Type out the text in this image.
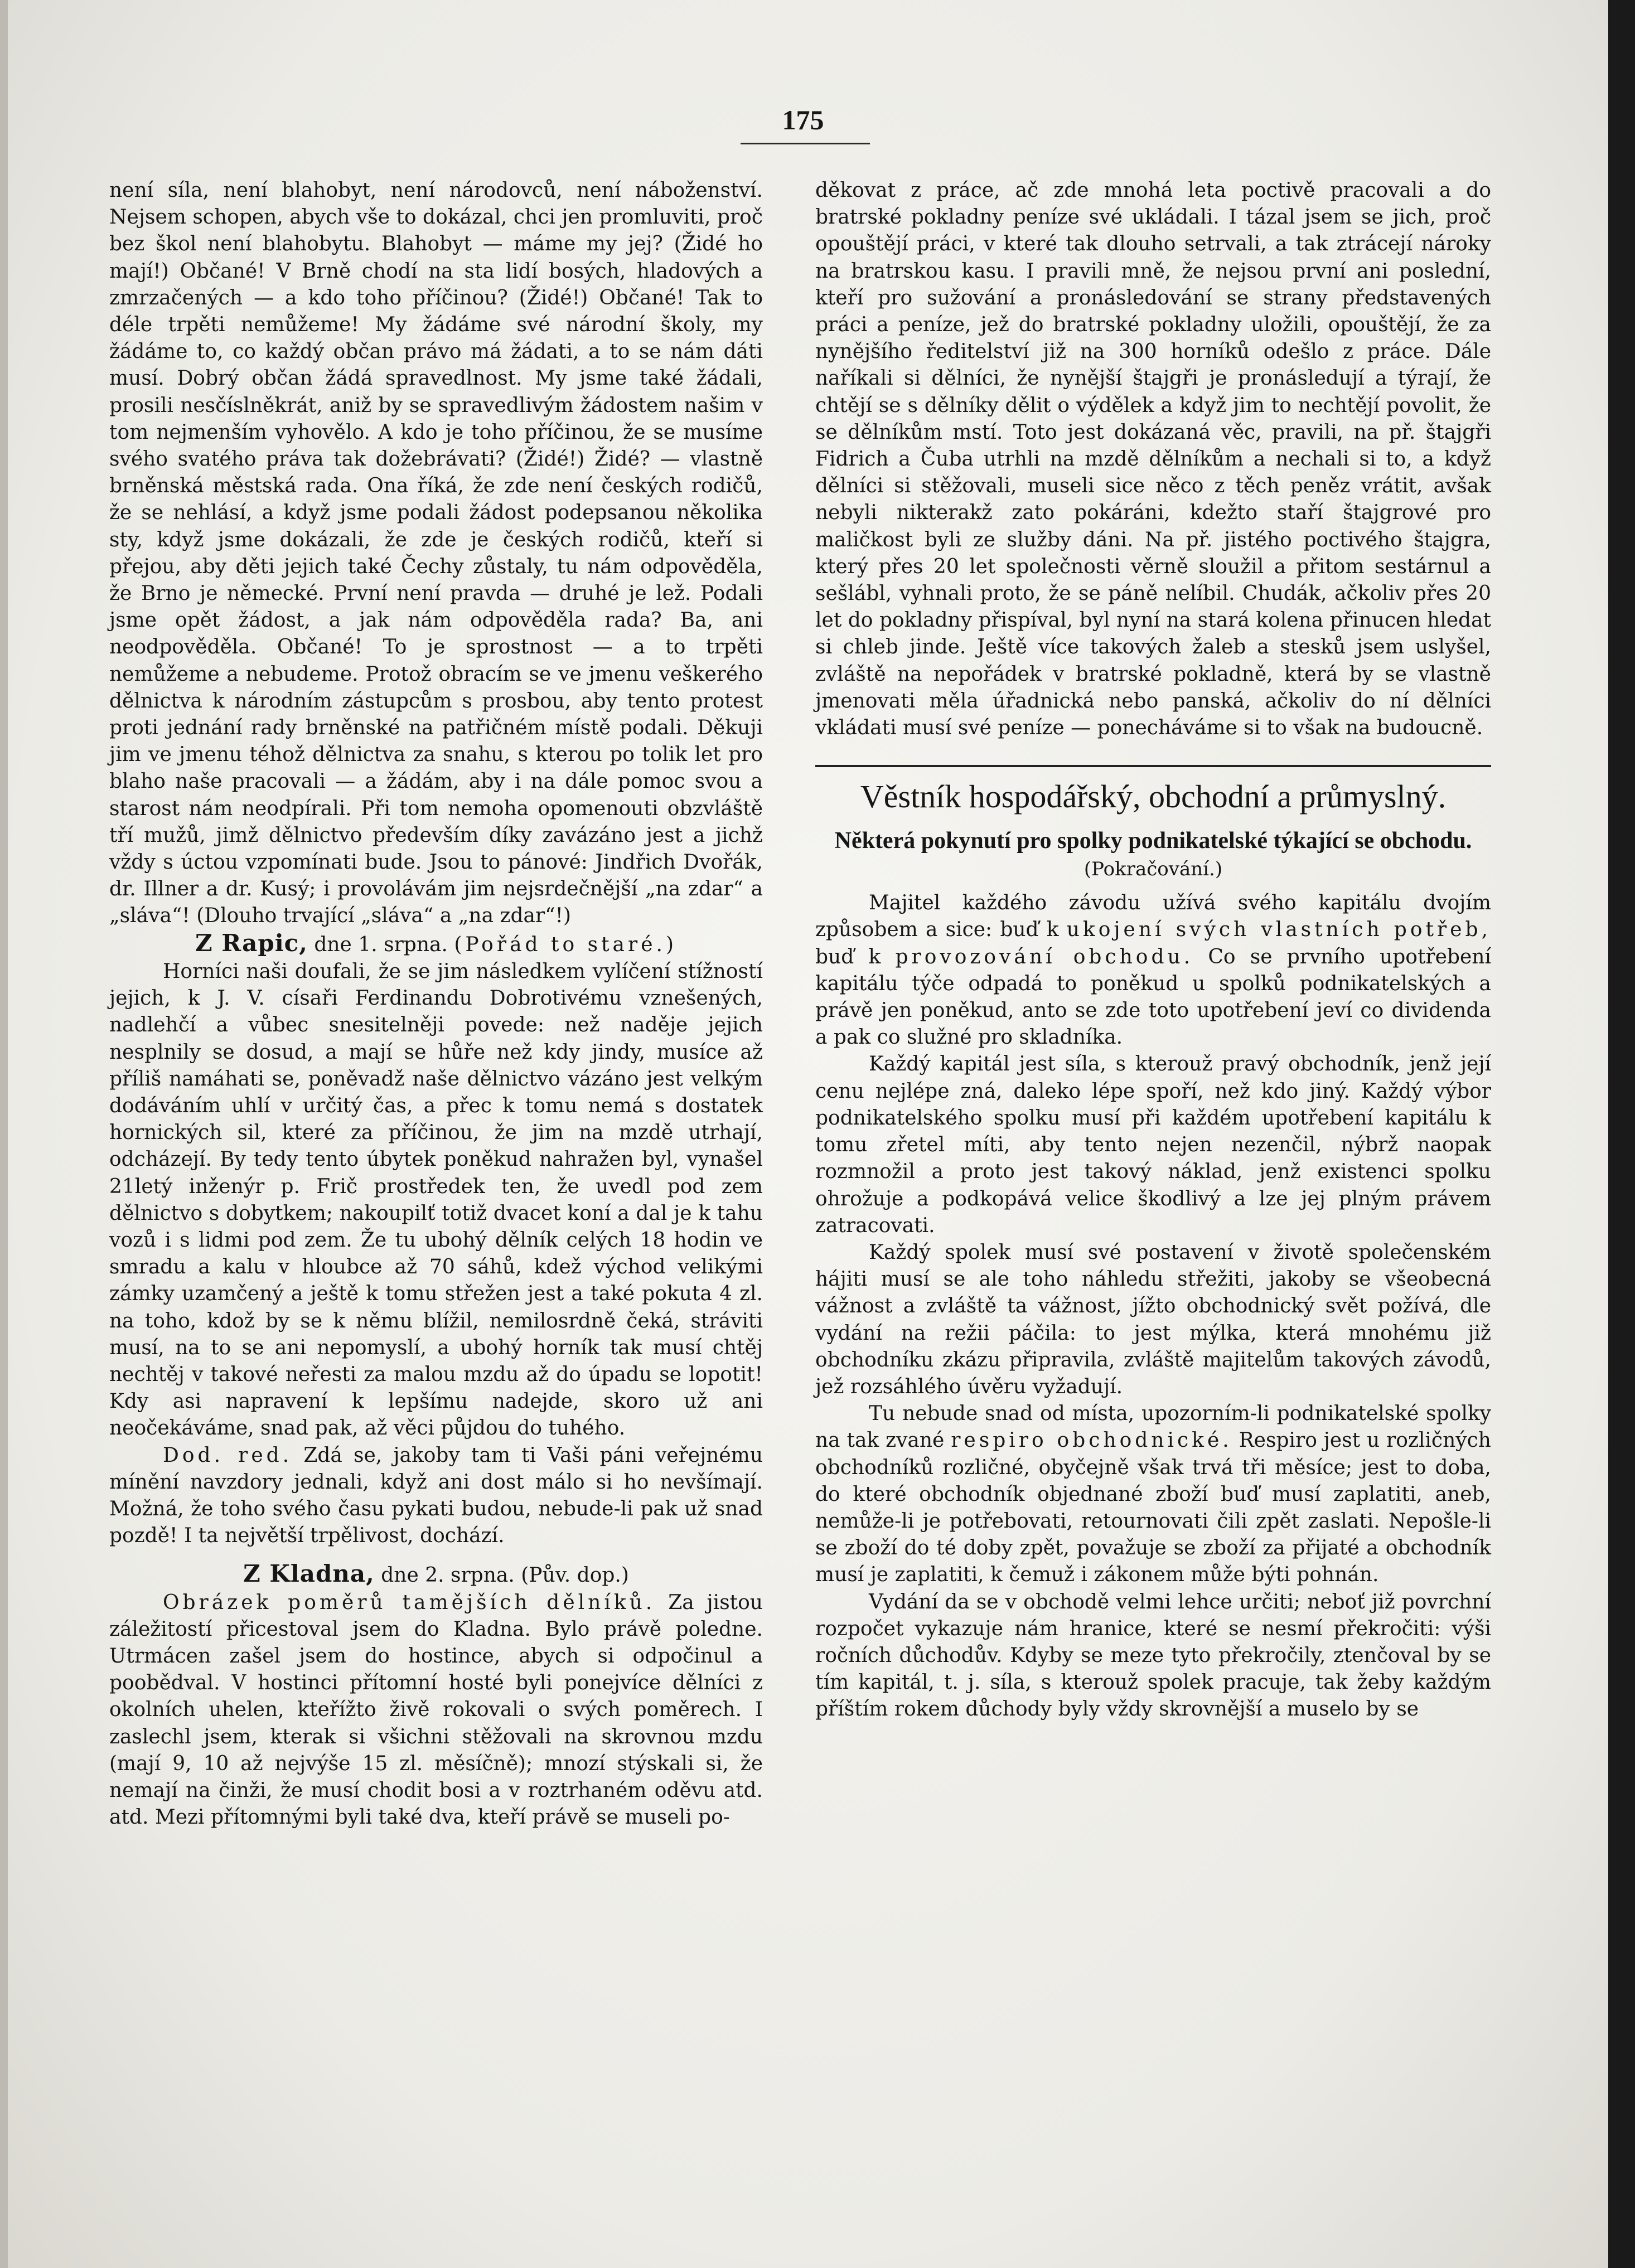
175

není síla, není blahobyt, není národovců, není náboženství. Nejsem schopen, abych vše to dokázal, chci jen promluviti, proč bez škol není blahobytu. Blahobyt — máme my jej? (Židé ho mají!) Občané! V Brně chodí na sta lidí bosých, hladových a zmrzačených — a kdo toho příčinou? (Židé!) Občané! Tak to déle trpěti nemůžeme! My žádáme své národní školy, my žádáme to, co každý občan právo má žádati, a to se nám dáti musí. Dobrý občan žádá spravedlnost. My jsme také žádali, prosili nesčíslněkrát, aniž by se spravedlivým žádostem našim v tom nejmenším vyhovělo. A kdo je toho příčinou, že se musíme svého svatého práva tak dožebrávati? (Židé!) Židé? — vlastně brněnská městská rada. Ona říká, že zde není českých rodičů, že se nehlásí, a když jsme podali žádost podepsanou několika sty, když jsme dokázali, že zde je českých rodičů, kteří si přejou, aby děti jejich také Čechy zůstaly, tu nám odpověděla, že Brno je německé. První není pravda — druhé je lež. Podali jsme opět žádost, a jak nám odpověděla rada? Ba, ani neodpověděla. Občané! To je sprostnost — a to trpěti nemůžeme a nebudeme. Protož obracím se ve jmenu veškerého dělnictva k národním zástupcům s prosbou, aby tento protest proti jednání rady brněnské na patřičném místě podali. Děkuji jim ve jmenu téhož dělnictva za snahu, s kterou po tolik let pro blaho naše pracovali — a žádám, aby i na dále pomoc svou a starost nám neodpírali. Při tom nemoha opomenouti obzvláště tří mužů, jimž dělnictvo především díky zavázáno jest a jichž vždy s úctou vzpomínati bude. Jsou to pánové: Jindřich Dvořák, dr. Illner a dr. Kusý; i provolávám jim nejsrdečnější „na zdar“ a „sláva“! (Dlouho trvající „sláva“ a „na zdar“!)

Z Rapic, dne 1. srpna. (Pořád to staré.)

Horníci naši doufali, že se jim následkem vylíčení stížností jejich, k J. V. císaři Ferdinandu Dobrotivému vznešených, nadlehčí a vůbec snesitelněji povede: než naděje jejich nesplnily se dosud, a mají se hůře než kdy jindy, musíce až příliš namáhati se, poněvadž naše dělnictvo vázáno jest velkým dodáváním uhlí v určitý čas, a přec k tomu nemá s dostatek hornických sil, které za příčinou, že jim na mzdě utrhají, odcházejí. By tedy tento úbytek poněkud nahražen byl, vynašel 21letý inženýr p. Frič prostředek ten, že uvedl pod zem dělnictvo s dobytkem; nakoupilť totiž dvacet koní a dal je k tahu vozů i s lidmi pod zem. Že tu ubohý dělník celých 18 hodin ve smradu a kalu v hloubce až 70 sáhů, kdež východ velikými zámky uzamčený a ještě k tomu střežen jest a také pokuta 4 zl. na toho, kdož by se k němu blížil, nemilosrdně čeká, stráviti musí, na to se ani nepomyslí, a ubohý horník tak musí chtěj nechtěj v takové neřesti za malou mzdu až do úpadu se lopotit! Kdy asi napravení k lepšímu nadejde, skoro už ani neočekáváme, snad pak, až věci půjdou do tuhého.

Dod. red. Zdá se, jakoby tam ti Vaši páni veřejnému mínění navzdory jednali, když ani dost málo si ho nevšímají. Možná, že toho svého času pykati budou, nebude-li pak už snad pozdě! I ta největší trpělivost, dochází.

Z Kladna, dne 2. srpna. (Pův. dop.)

Obrázek poměrů tamějších dělníků. Za jistou záležitostí přicestoval jsem do Kladna. Bylo právě poledne. Utrmácen zašel jsem do hostince, abych si odpočinul a poobědval. V hostinci přítomní hosté byli ponejvíce dělníci z okolních uhelen, kteřížto živě rokovali o svých poměrech. I zaslechl jsem, kterak si všichni stěžovali na skrovnou mzdu (mají 9, 10 až nejvýše 15 zl. měsíčně); mnozí stýskali si, že nemají na činži, že musí chodit bosi a v roztrhaném oděvu atd. atd. Mezi přítomnými byli také dva, kteří právě se museli po-

děkovat z práce, ač zde mnohá leta poctivě pracovali a do bratrské pokladny peníze své ukládali. I tázal jsem se jich, proč opouštějí práci, v které tak dlouho setrvali, a tak ztrácejí nároky na bratrskou kasu. I pravili mně, že nejsou první ani poslední, kteří pro sužování a pronásledování se strany představených práci a peníze, jež do bratrské pokladny uložili, opouštějí, že za nynějšího ředitelství již na 300 horníků odešlo z práce. Dále naříkali si dělníci, že nynější štajgři je pronásledují a týrají, že chtějí se s dělníky dělit o výdělek a když jim to nechtějí povolit, že se dělníkům mstí. Toto jest dokázaná věc, pravili, na př. štajgři Fidrich a Čuba utrhli na mzdě dělníkům a nechali si to, a když dělníci si stěžovali, museli sice něco z těch peněz vrátit, avšak nebyli nikterakž zato pokáráni, kdežto staří štajgrové pro maličkost byli ze služby dáni. Na př. jistého poctivého štajgra, který přes 20 let společnosti věrně sloužil a přitom sestárnul a sešlábl, vyhnali proto, že se páně nelíbil. Chudák, ačkoliv přes 20 let do pokladny přispíval, byl nyní na stará kolena přinucen hledat si chleb jinde. Ještě více takových žaleb a stesků jsem uslyšel, zvláště na nepořádek v bratrské pokladně, která by se vlastně jmenovati měla úřadnická nebo panská, ačkoliv do ní dělníci vkládati musí své peníze — ponecháváme si to však na budoucně.

Věstník hospodářský, obchodní a průmyslný.
Některá pokynutí pro spolky podnikatelské týkající se obchodu.
(Pokračování.)

Majitel každého závodu užívá svého kapitálu dvojím způsobem a sice: buď k ukojení svých vlastních potřeb, buď k provozování obchodu. Co se prvního upotřebení kapitálu týče odpadá to poněkud u spolků podnikatelských a právě jen poněkud, anto se zde toto upotřebení jeví co dividenda a pak co služné pro skladníka.

Každý kapitál jest síla, s kterouž pravý obchodník, jenž její cenu nejlépe zná, daleko lépe spoří, než kdo jiný. Každý výbor podnikatelského spolku musí při každém upotřebení kapitálu k tomu zřetel míti, aby tento nejen nezenčil, nýbrž naopak rozmnožil a proto jest takový náklad, jenž existenci spolku ohrožuje a podkopává velice škodlivý a lze jej plným právem zatracovati.

Každý spolek musí své postavení v životě společenském hájiti musí se ale toho náhledu střežiti, jakoby se všeobecná vážnost a zvláště ta vážnost, jížto obchodnický svět požívá, dle vydání na režii páčila: to jest mýlka, která mnohému již obchodníku zkázu připravila, zvláště majitelům takových závodů, jež rozsáhlého úvěru vyžadují.

Tu nebude snad od místa, upozorním-li podnikatelské spolky na tak zvané respiro obchodnické. Respiro jest u rozličných obchodníků rozličné, obyčejně však trvá tři měsíce; jest to doba, do které obchodník objednané zboží buď musí zaplatiti, aneb, nemůže-li je potřebovati, retournovati čili zpět zaslati. Nepošle-li se zboží do té doby zpět, považuje se zboží za přijaté a obchodník musí je zaplatiti, k čemuž i zákonem může býti pohnán.

Vydání da se v obchodě velmi lehce určiti; neboť již povrchní rozpočet vykazuje nám hranice, které se nesmí překročiti: výši ročních důchodův. Kdyby se meze tyto překročily, ztenčoval by se tím kapitál, t. j. síla, s kterouž spolek pracuje, tak žeby každým příštím rokem důchody byly vždy skrovnější a muselo by se
